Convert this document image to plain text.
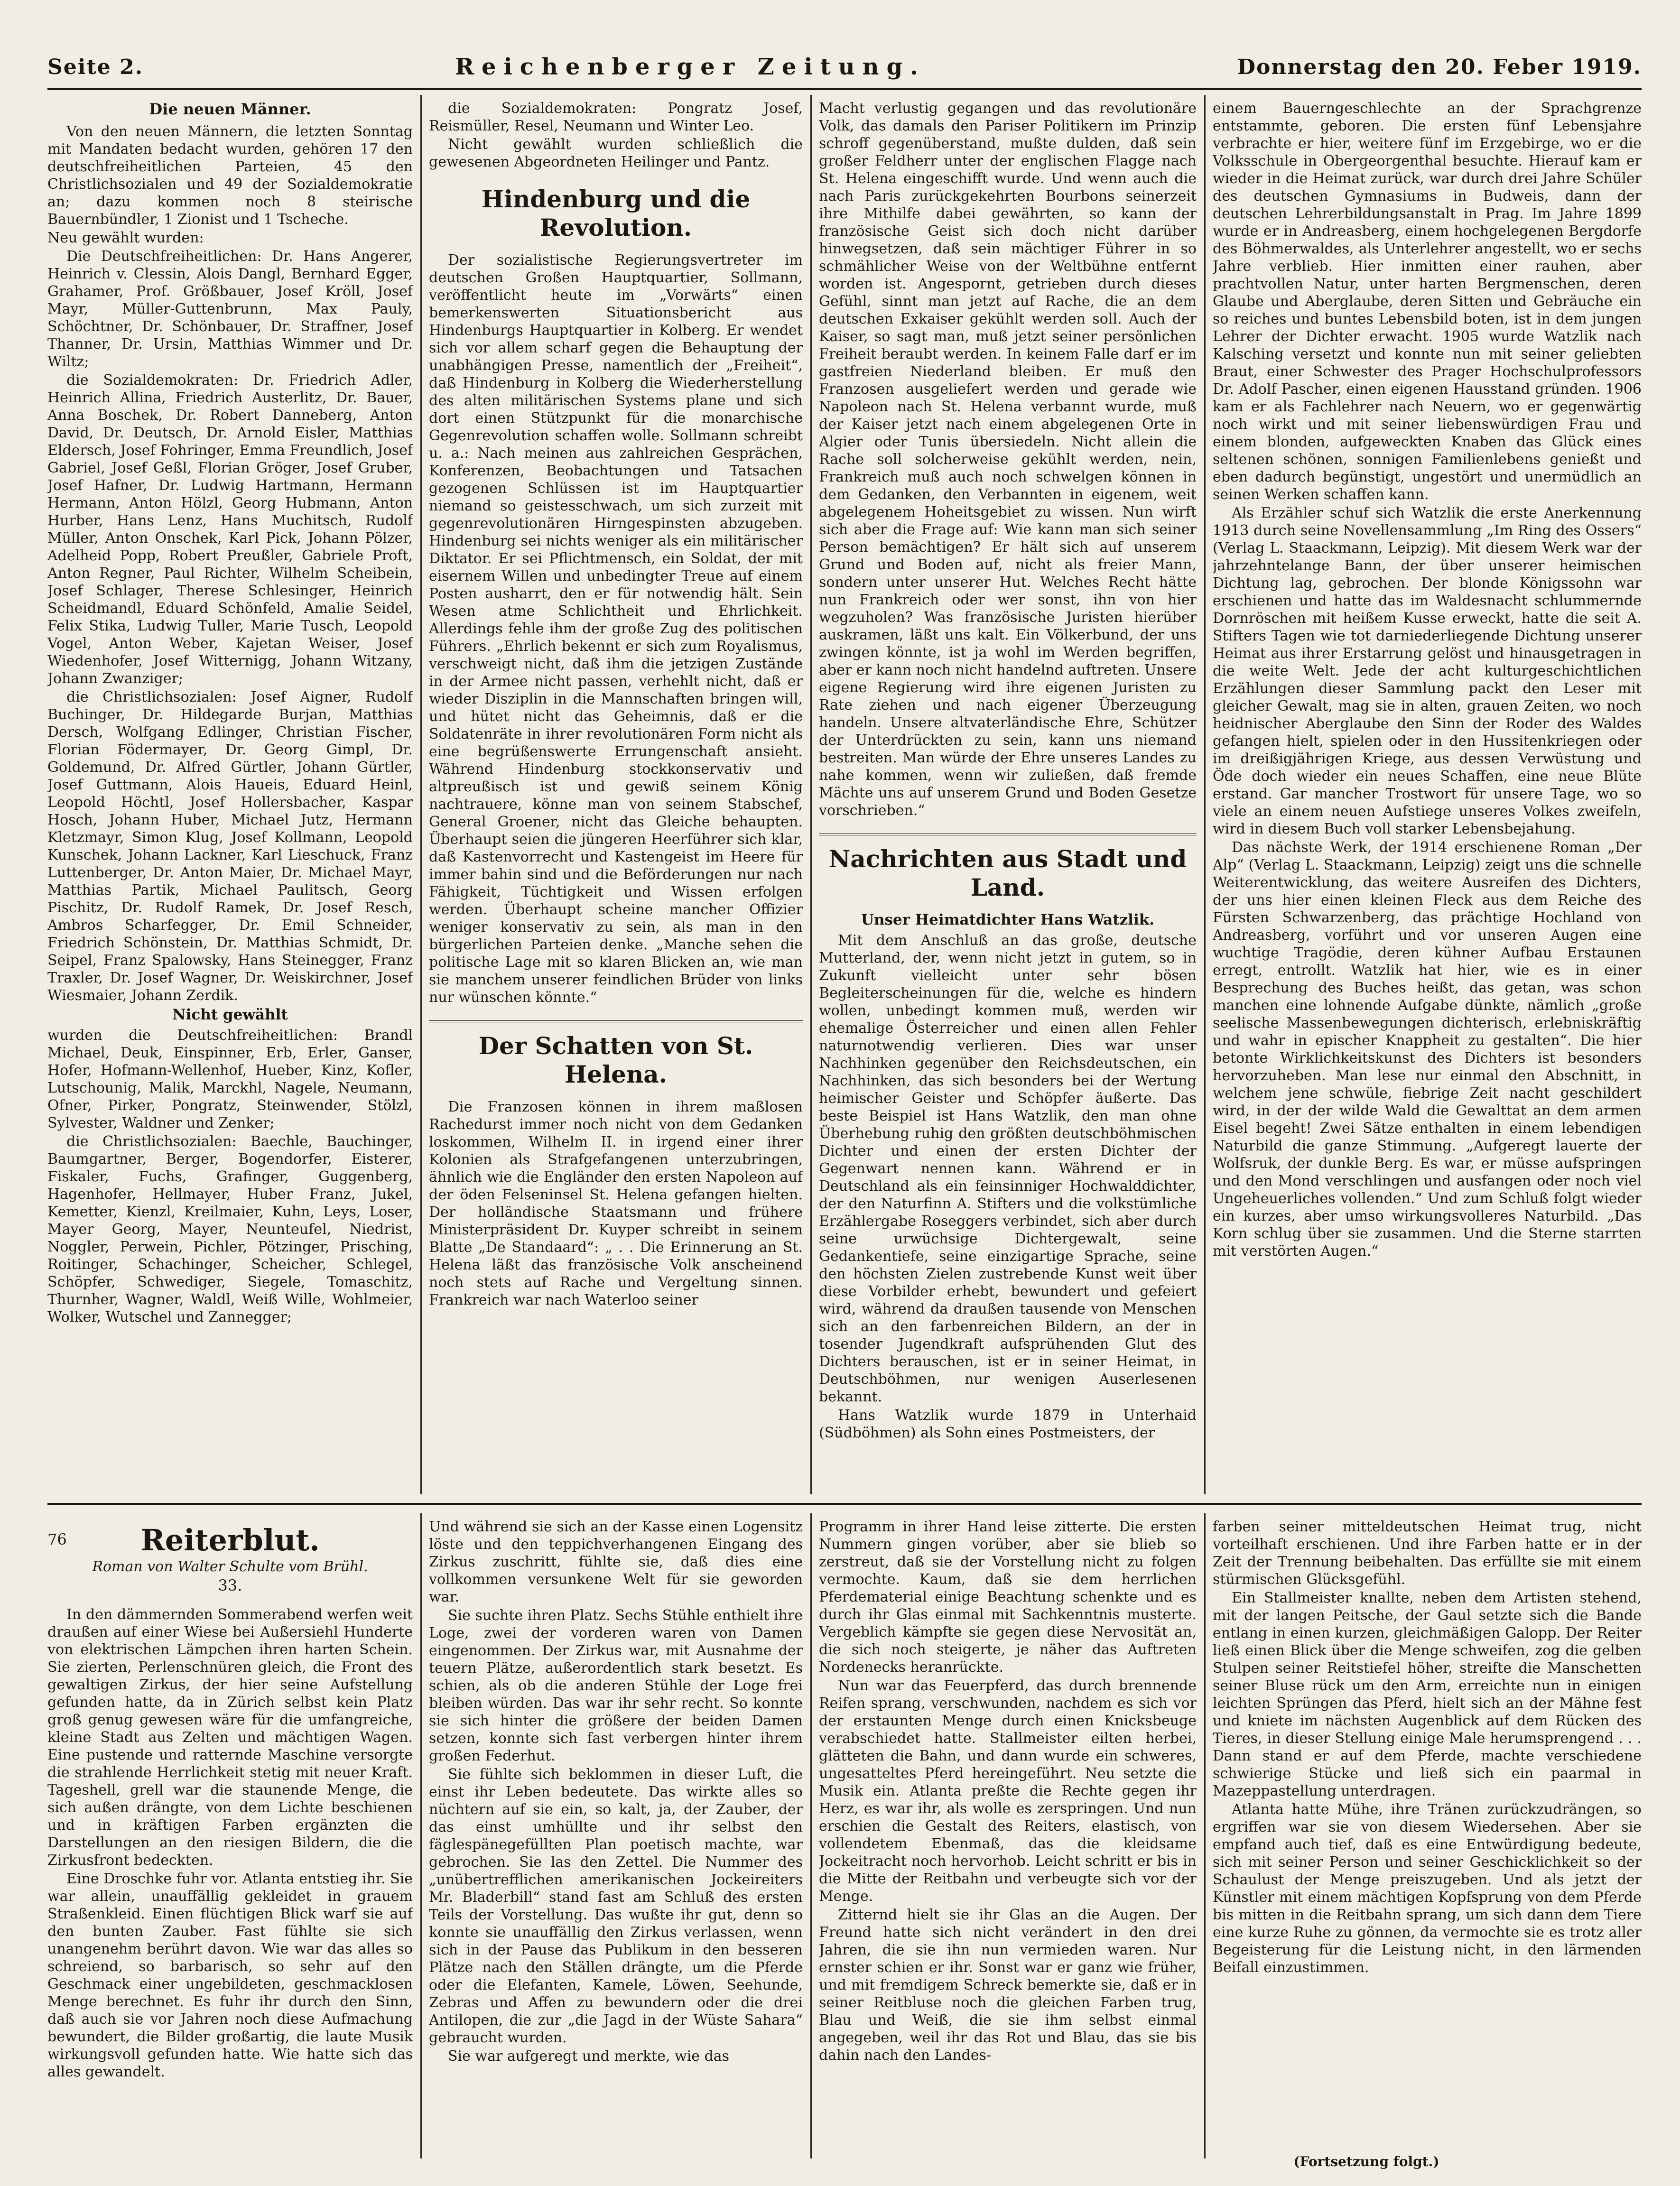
Seite 2.	Reichenberger Zeitung.	Donnerstag den 20. Feber 1919.

Die neuen Männer.

Von den neuen Männern, die letzten Sonntag mit Mandaten bedacht wurden, gehören 17 den deutschfreiheitlichen Parteien, 45 den Christlichsozialen und 49 der Sozialdemokratie an; dazu kommen noch 8 steirische Bauernbündler, 1 Zionist und 1 Tscheche.

Neu gewählt wurden:

Die Deutschfreiheitlichen: Dr. Hans Angerer, Heinrich v. Clessin, Alois Dangl, Bernhard Egger, Grahamer, Prof. Größbauer, Josef Kröll, Josef Mayr, Müller-Guttenbrunn, Max Pauly, Schöchtner, Dr. Schönbauer, Dr. Straffner, Josef Thanner, Dr. Ursin, Matthias Wimmer und Dr. Wiltz;

die Sozialdemokraten: Dr. Friedrich Adler, Heinrich Allina, Friedrich Austerlitz, Dr. Bauer, Anna Boschek, Dr. Robert Danneberg, Anton David, Dr. Deutsch, Dr. Arnold Eisler, Matthias Eldersch, Josef Fohringer, Emma Freundlich, Josef Gabriel, Josef Geßl, Florian Gröger, Josef Gruber, Josef Hafner, Dr. Ludwig Hartmann, Hermann Hermann, Anton Hölzl, Georg Hubmann, Anton Hurber, Hans Lenz, Hans Muchitsch, Rudolf Müller, Anton Onschek, Karl Pick, Johann Pölzer, Adelheid Popp, Robert Preußler, Gabriele Proft, Anton Regner, Paul Richter, Wilhelm Scheibein, Josef Schlager, Therese Schlesinger, Heinrich Scheidmandl, Eduard Schönfeld, Amalie Seidel, Felix Stika, Ludwig Tuller, Marie Tusch, Leopold Vogel, Anton Weber, Kajetan Weiser, Josef Wiedenhofer, Josef Witternigg, Johann Witzany, Johann Zwanziger;

die Christlichsozialen: Josef Aigner, Rudolf Buchinger, Dr. Hildegarde Burjan, Matthias Dersch, Wolfgang Edlinger, Christian Fischer, Florian Födermayer, Dr. Georg Gimpl, Dr. Goldemund, Dr. Alfred Gürtler, Johann Gürtler, Josef Guttmann, Alois Haueis, Eduard Heinl, Leopold Höchtl, Josef Hollersbacher, Kaspar Hosch, Johann Huber, Michael Jutz, Hermann Kletzmayr, Simon Klug, Josef Kollmann, Leopold Kunschek, Johann Lackner, Karl Lieschuck, Franz Luttenberger, Dr. Anton Maier, Dr. Michael Mayr, Matthias Partik, Michael Paulitsch, Georg Pischitz, Dr. Rudolf Ramek, Dr. Josef Resch, Ambros Scharfegger, Dr. Emil Schneider, Friedrich Schönstein, Dr. Matthias Schmidt, Dr. Seipel, Franz Spalowsky, Hans Steinegger, Franz Traxler, Dr. Josef Wagner, Dr. Weiskirchner, Josef Wiesmaier, Johann Zerdik.

Nicht gewählt

wurden die Deutschfreiheitlichen: Brandl Michael, Deuk, Einspinner, Erb, Erler, Ganser, Hofer, Hofmann-Wellenhof, Hueber, Kinz, Kofler, Lutschounig, Malik, Marckhl, Nagele, Neumann, Ofner, Pirker, Pongratz, Steinwender, Stölzl, Sylvester, Waldner und Zenker;

die Christlichsozialen: Baechle, Bauchinger, Baumgartner, Berger, Bogendorfer, Eisterer, Fiskaler, Fuchs, Grafinger, Guggenberg, Hagenhofer, Hellmayer, Huber Franz, Jukel, Kemetter, Kienzl, Kreilmaier, Kuhn, Leys, Loser, Mayer Georg, Mayer, Neunteufel, Niedrist, Noggler, Perwein, Pichler, Pötzinger, Prisching, Roitinger, Schachinger, Scheicher, Schlegel, Schöpfer, Schwediger, Siegele, Tomaschitz, Thurnher, Wagner, Waldl, Weiß Wille, Wohlmeier, Wolker, Wutschel und Zannegger;

die Sozialdemokraten: Pongratz Josef, Reismüller, Resel, Neumann und Winter Leo.

Nicht gewählt wurden schließlich die gewesenen Abgeordneten Heilinger und Pantz.

Hindenburg und die Revolution.

Der sozialistische Regierungsvertreter im deutschen Großen Hauptquartier, Sollmann, veröffentlicht heute im „Vorwärts“ einen bemerkenswerten Situationsbericht aus Hindenburgs Hauptquartier in Kolberg. Er wendet sich vor allem scharf gegen die Behauptung der unabhängigen Presse, namentlich der „Freiheit“, daß Hindenburg in Kolberg die Wiederherstellung des alten militärischen Systems plane und sich dort einen Stützpunkt für die monarchische Gegenrevolution schaffen wolle. Sollmann schreibt u. a.: Nach meinen aus zahlreichen Gesprächen, Konferenzen, Beobachtungen und Tatsachen gezogenen Schlüssen ist im Hauptquartier niemand so geistesschwach, um sich zurzeit mit gegenrevolutionären Hirngespinsten abzugeben. Hindenburg sei nichts weniger als ein militärischer Diktator. Er sei Pflichtmensch, ein Soldat, der mit eisernem Willen und unbedingter Treue auf einem Posten ausharrt, den er für notwendig hält. Sein Wesen atme Schlichtheit und Ehrlichkeit. Allerdings fehle ihm der große Zug des politischen Führers. „Ehrlich bekennt er sich zum Royalismus, verschweigt nicht, daß ihm die jetzigen Zustände in der Armee nicht passen, verhehlt nicht, daß er wieder Disziplin in die Mannschaften bringen will, und hütet nicht das Geheimnis, daß er die Soldatenräte in ihrer revolutionären Form nicht als eine begrüßenswerte Errungenschaft ansieht. Während Hindenburg stockkonservativ und altpreußisch ist und gewiß seinem König nachtrauere, könne man von seinem Stabschef, General Groener, nicht das Gleiche behaupten. Überhaupt seien die jüngeren Heerführer sich klar, daß Kastenvorrecht und Kastengeist im Heere für immer bahin sind und die Beförderungen nur nach Fähigkeit, Tüchtigkeit und Wissen erfolgen werden. Überhaupt scheine mancher Offizier weniger konservativ zu sein, als man in den bürgerlichen Parteien denke. „Manche sehen die politische Lage mit so klaren Blicken an, wie man sie manchem unserer feindlichen Brüder von links nur wünschen könnte.“

Der Schatten von St. Helena.

Die Franzosen können in ihrem maßlosen Rachedurst immer noch nicht von dem Gedanken loskommen, Wilhelm II. in irgend einer ihrer Kolonien als Strafgefangenen unterzubringen, ähnlich wie die Engländer den ersten Napoleon auf der öden Felseninsel St. Helena gefangen hielten. Der holländische Staatsmann und frühere Ministerpräsident Dr. Kuyper schreibt in seinem Blatte „De Standaard“: „ . . Die Erinnerung an St. Helena läßt das französische Volk anscheinend noch stets auf Rache und Vergeltung sinnen. Frankreich war nach Waterloo seiner

Macht verlustig gegangen und das revolutionäre Volk, das damals den Pariser Politikern im Prinzip schroff gegenüberstand, mußte dulden, daß sein großer Feldherr unter der englischen Flagge nach St. Helena eingeschifft wurde. Und wenn auch die nach Paris zurückgekehrten Bourbons seinerzeit ihre Mithilfe dabei gewährten, so kann der französische Geist sich doch nicht darüber hinwegsetzen, daß sein mächtiger Führer in so schmählicher Weise von der Weltbühne entfernt worden ist. Angespornt, getrieben durch dieses Gefühl, sinnt man jetzt auf Rache, die an dem deutschen Exkaiser gekühlt werden soll. Auch der Kaiser, so sagt man, muß jetzt seiner persönlichen Freiheit beraubt werden. In keinem Falle darf er im gastfreien Niederland bleiben. Er muß den Franzosen ausgeliefert werden und gerade wie Napoleon nach St. Helena verbannt wurde, muß der Kaiser jetzt nach einem abgelegenen Orte in Algier oder Tunis übersiedeln. Nicht allein die Rache soll solcherweise gekühlt werden, nein, Frankreich muß auch noch schwelgen können in dem Gedanken, den Verbannten in eigenem, weit abgelegenem Hoheitsgebiet zu wissen. Nun wirft sich aber die Frage auf: Wie kann man sich seiner Person bemächtigen? Er hält sich auf unserem Grund und Boden auf, nicht als freier Mann, sondern unter unserer Hut. Welches Recht hätte nun Frankreich oder wer sonst, ihn von hier wegzuholen? Was französische Juristen hierüber auskramen, läßt uns kalt. Ein Völkerbund, der uns zwingen könnte, ist ja wohl im Werden begriffen, aber er kann noch nicht handelnd auftreten. Unsere eigene Regierung wird ihre eigenen Juristen zu Rate ziehen und nach eigener Überzeugung handeln. Unsere altvaterländische Ehre, Schützer der Unterdrückten zu sein, kann uns niemand bestreiten. Man würde der Ehre unseres Landes zu nahe kommen, wenn wir zuließen, daß fremde Mächte uns auf unserem Grund und Boden Gesetze vorschrieben.“

Nachrichten aus Stadt und Land.

Unser Heimatdichter Hans Watzlik.

Mit dem Anschluß an das große, deutsche Mutterland, der, wenn nicht jetzt in gutem, so in Zukunft vielleicht unter sehr bösen Begleiterscheinungen für die, welche es hindern wollen, unbedingt kommen muß, werden wir ehemalige Österreicher und einen allen Fehler naturnotwendig verlieren. Dies war unser Nachhinken gegenüber den Reichsdeutschen, ein Nachhinken, das sich besonders bei der Wertung heimischer Geister und Schöpfer äußerte. Das beste Beispiel ist Hans Watzlik, den man ohne Überhebung ruhig den größten deutschböhmischen Dichter und einen der ersten Dichter der Gegenwart nennen kann. Während er in Deutschland als ein feinsinniger Hochwalddichter, der den Naturfinn A. Stifters und die volkstümliche Erzählergabe Roseggers verbindet, sich aber durch seine urwüchsige Dichtergewalt, seine Gedankentiefe, seine einzigartige Sprache, seine den höchsten Zielen zustrebende Kunst weit über diese Vorbilder erhebt, bewundert und gefeiert wird, während da draußen tausende von Menschen sich an den farbenreichen Bildern, an der in tosender Jugendkraft aufsprühenden Glut des Dichters berauschen, ist er in seiner Heimat, in Deutschböhmen, nur wenigen Auserlesenen bekannt.

Hans Watzlik wurde 1879 in Unterhaid (Südböhmen) als Sohn eines Postmeisters, der

einem Bauerngeschlechte an der Sprachgrenze entstammte, geboren. Die ersten fünf Lebensjahre verbrachte er hier, weitere fünf im Erzgebirge, wo er die Volksschule in Obergeorgenthal besuchte. Hierauf kam er wieder in die Heimat zurück, war durch drei Jahre Schüler des deutschen Gymnasiums in Budweis, dann der deutschen Lehrerbildungsanstalt in Prag. Im Jahre 1899 wurde er in Andreasberg, einem hochgelegenen Bergdorfe des Böhmerwaldes, als Unterlehrer angestellt, wo er sechs Jahre verblieb. Hier inmitten einer rauhen, aber prachtvollen Natur, unter harten Bergmenschen, deren Glaube und Aberglaube, deren Sitten und Gebräuche ein so reiches und buntes Lebensbild boten, ist in dem jungen Lehrer der Dichter erwacht. 1905 wurde Watzlik nach Kalsching versetzt und konnte nun mit seiner geliebten Braut, einer Schwester des Prager Hochschulprofessors Dr. Adolf Pascher, einen eigenen Hausstand gründen. 1906 kam er als Fachlehrer nach Neuern, wo er gegenwärtig noch wirkt und mit seiner liebenswürdigen Frau und einem blonden, aufgeweckten Knaben das Glück eines seltenen schönen, sonnigen Familienlebens genießt und eben dadurch begünstigt, ungestört und unermüdlich an seinen Werken schaffen kann.

Als Erzähler schuf sich Watzlik die erste Anerkennung 1913 durch seine Novellensammlung „Im Ring des Ossers“ (Verlag L. Staackmann, Leipzig). Mit diesem Werk war der jahrzehntelange Bann, der über unserer heimischen Dichtung lag, gebrochen. Der blonde Königssohn war erschienen und hatte das im Waldesnacht schlummernde Dornröschen mit heißem Kusse erweckt, hatte die seit A. Stifters Tagen wie tot darniederliegende Dichtung unserer Heimat aus ihrer Erstarrung gelöst und hinausgetragen in die weite Welt. Jede der acht kulturgeschichtlichen Erzählungen dieser Sammlung packt den Leser mit gleicher Gewalt, mag sie in alten, grauen Zeiten, wo noch heidnischer Aberglaube den Sinn der Roder des Waldes gefangen hielt, spielen oder in den Hussitenkriegen oder im dreißigjährigen Kriege, aus dessen Verwüstung und Öde doch wieder ein neues Schaffen, eine neue Blüte erstand. Gar mancher Trostwort für unsere Tage, wo so viele an einem neuen Aufstiege unseres Volkes zweifeln, wird in diesem Buch voll starker Lebensbejahung.

Das nächste Werk, der 1914 erschienene Roman „Der Alp“ (Verlag L. Staackmann, Leipzig) zeigt uns die schnelle Weiterentwicklung, das weitere Ausreifen des Dichters, der uns hier einen kleinen Fleck aus dem Reiche des Fürsten Schwarzenberg, das prächtige Hochland von Andreasberg, vorführt und vor unseren Augen eine wuchtige Tragödie, deren kühner Aufbau Erstaunen erregt, entrollt. Watzlik hat hier, wie es in einer Besprechung des Buches heißt, das getan, was schon manchen eine lohnende Aufgabe dünkte, nämlich „große seelische Massenbewegungen dichterisch, erlebniskräftig und wahr in epischer Knappheit zu gestalten“. Die hier betonte Wirklichkeitskunst des Dichters ist besonders hervorzuheben. Man lese nur einmal den Abschnitt, in welchem jene schwüle, fiebrige Zeit nacht geschildert wird, in der der wilde Wald die Gewalttat an dem armen Eisel begeht! Zwei Sätze enthalten in einem lebendigen Naturbild die ganze Stimmung. „Aufgeregt lauerte der Wolfsruk, der dunkle Berg. Es war, er müsse aufspringen und den Mond verschlingen und ausfangen oder noch viel Ungeheuerliches vollenden.“ Und zum Schluß folgt wieder ein kurzes, aber umso wirkungsvolleres Naturbild. „Das Korn schlug über sie zusammen. Und die Sterne starrten mit verstörten Augen.“

76	Reiterblut.
Roman von Walter Schulte vom Brühl.
33.

In den dämmernden Sommerabend werfen weit draußen auf einer Wiese bei Außersiehl Hunderte von elektrischen Lämpchen ihren harten Schein. Sie zierten, Perlenschnüren gleich, die Front des gewaltigen Zirkus, der hier seine Aufstellung gefunden hatte, da in Zürich selbst kein Platz groß genug gewesen wäre für die umfangreiche, kleine Stadt aus Zelten und mächtigen Wagen. Eine pustende und ratternde Maschine versorgte die strahlende Herrlichkeit stetig mit neuer Kraft. Tageshell, grell war die staunende Menge, die sich außen drängte, von dem Lichte beschienen und in kräftigen Farben ergänzten die Darstellungen an den riesigen Bildern, die die Zirkusfront bedeckten.

Eine Droschke fuhr vor. Atlanta entstieg ihr. Sie war allein, unauffällig gekleidet in grauem Straßenkleid. Einen flüchtigen Blick warf sie auf den bunten Zauber. Fast fühlte sie sich unangenehm berührt davon. Wie war das alles so schreiend, so barbarisch, so sehr auf den Geschmack einer ungebildeten, geschmacklosen Menge berechnet. Es fuhr ihr durch den Sinn, daß auch sie vor Jahren noch diese Aufmachung bewundert, die Bilder großartig, die laute Musik wirkungsvoll gefunden hatte. Wie hatte sich das alles gewandelt.

Und während sie sich an der Kasse einen Logensitz löste und den teppichverhangenen Eingang des Zirkus zuschritt, fühlte sie, daß dies eine vollkommen versunkene Welt für sie geworden war.

Sie suchte ihren Platz. Sechs Stühle enthielt ihre Loge, zwei der vorderen waren von Damen eingenommen. Der Zirkus war, mit Ausnahme der teuern Plätze, außerordentlich stark besetzt. Es schien, als ob die anderen Stühle der Loge frei bleiben würden. Das war ihr sehr recht. So konnte sie sich hinter die größere der beiden Damen setzen, konnte sich fast verbergen hinter ihrem großen Federhut.

Sie fühlte sich beklommen in dieser Luft, die einst ihr Leben bedeutete. Das wirkte alles so nüchtern auf sie ein, so kalt, ja, der Zauber, der das einst umhüllte und ihr selbst den fäglespänegefüllten Plan poetisch machte, war gebrochen. Sie las den Zettel. Die Nummer des „unübertrefflichen amerikanischen Jockeireiters Mr. Bladerbill“ stand fast am Schluß des ersten Teils der Vorstellung. Das wußte ihr gut, denn so konnte sie unauffällig den Zirkus verlassen, wenn sich in der Pause das Publikum in den besseren Plätze nach den Ställen drängte, um die Pferde oder die Elefanten, Kamele, Löwen, Seehunde, Zebras und Affen zu bewundern oder die drei Antilopen, die zur „die Jagd in der Wüste Sahara“ gebraucht wurden.

Sie war aufgeregt und merkte, wie das

Programm in ihrer Hand leise zitterte. Die ersten Nummern gingen vorüber, aber sie blieb so zerstreut, daß sie der Vorstellung nicht zu folgen vermochte. Kaum, daß sie dem herrlichen Pferdematerial einige Beachtung schenkte und es durch ihr Glas einmal mit Sachkenntnis musterte. Vergeblich kämpfte sie gegen diese Nervosität an, die sich noch steigerte, je näher das Auftreten Nordenecks heranrückte.

Nun war das Feuerpferd, das durch brennende Reifen sprang, verschwunden, nachdem es sich vor der erstaunten Menge durch einen Knicksbeuge verabschiedet hatte. Stallmeister eilten herbei, glätteten die Bahn, und dann wurde ein schweres, ungesatteltes Pferd hereingeführt. Neu setzte die Musik ein. Atlanta preßte die Rechte gegen ihr Herz, es war ihr, als wolle es zerspringen. Und nun erschien die Gestalt des Reiters, elastisch, von vollendetem Ebenmaß, das die kleidsame Jockeitracht noch hervorhob. Leicht schritt er bis in die Mitte der Reitbahn und verbeugte sich vor der Menge.

Zitternd hielt sie ihr Glas an die Augen. Der Freund hatte sich nicht verändert in den drei Jahren, die sie ihn nun vermieden waren. Nur ernster schien er ihr. Sonst war er ganz wie früher, und mit fremdigem Schreck bemerkte sie, daß er in seiner Reitbluse noch die gleichen Farben trug, Blau und Weiß, die sie ihm selbst einmal angegeben, weil ihr das Rot und Blau, das sie bis dahin nach den Landes-

farben seiner mitteldeutschen Heimat trug, nicht vorteilhaft erschienen. Und ihre Farben hatte er in der Zeit der Trennung beibehalten. Das erfüllte sie mit einem stürmischen Glücksgefühl.

Ein Stallmeister knallte, neben dem Artisten stehend, mit der langen Peitsche, der Gaul setzte sich die Bande entlang in einen kurzen, gleichmäßigen Galopp. Der Reiter ließ einen Blick über die Menge schweifen, zog die gelben Stulpen seiner Reitstiefel höher, streifte die Manschetten seiner Bluse rück um den Arm, erreichte nun in einigen leichten Sprüngen das Pferd, hielt sich an der Mähne fest und kniete im nächsten Augenblick auf dem Rücken des Tieres, in dieser Stellung einige Male herumsprengend . . . Dann stand er auf dem Pferde, machte verschiedene schwierige Stücke und ließ sich ein paarmal in Mazeppastellung unterdragen.

Atlanta hatte Mühe, ihre Tränen zurückzudrängen, so ergriffen war sie von diesem Wiedersehen. Aber sie empfand auch tief, daß es eine Entwürdigung bedeute, sich mit seiner Person und seiner Geschicklichkeit so der Schaulust der Menge preiszugeben. Und als jetzt der Künstler mit einem mächtigen Kopfsprung von dem Pferde bis mitten in die Reitbahn sprang, um sich dann dem Tiere eine kurze Ruhe zu gönnen, da vermochte sie es trotz aller Begeisterung für die Leistung nicht, in den lärmenden Beifall einzustimmen.

(Fortsetzung folgt.)
